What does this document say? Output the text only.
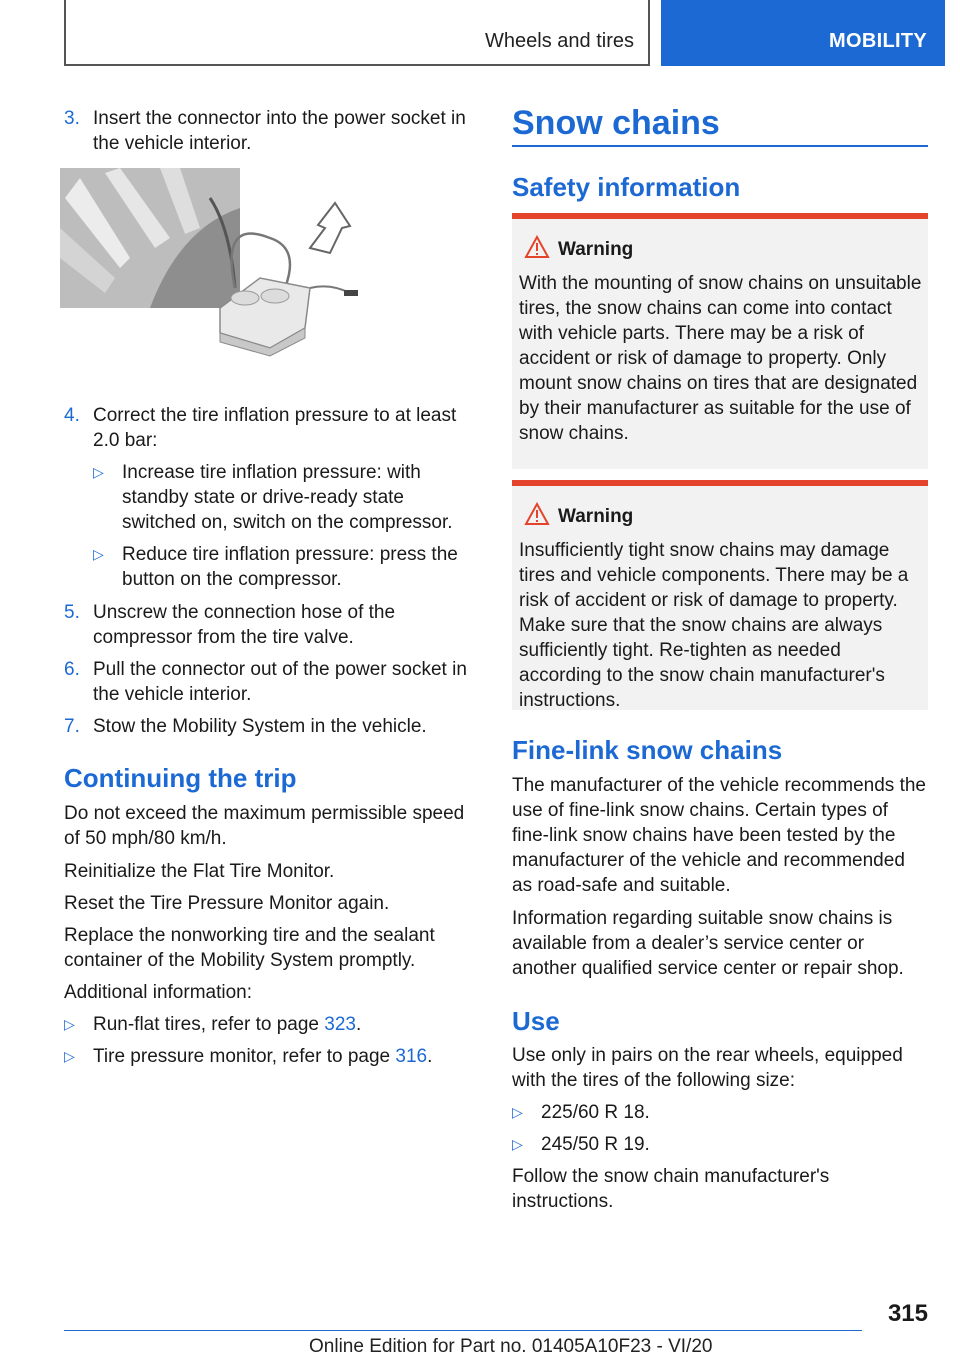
Wheels and tires	MOBILITY
3. Insert the connector into the power socket in the vehicle interior.
4. Correct the tire inflation pressure to at least 2.0 bar:
▷ Increase tire inflation pressure: with standby state or drive-ready state switched on, switch on the compressor.
▷ Reduce tire inflation pressure: press the button on the compressor.
5. Unscrew the connection hose of the compressor from the tire valve.
6. Pull the connector out of the power socket in the vehicle interior.
7. Stow the Mobility System in the vehicle.
Continuing the trip
Do not exceed the maximum permissible speed of 50 mph/80 km/h.
Reinitialize the Flat Tire Monitor.
Reset the Tire Pressure Monitor again.
Replace the nonworking tire and the sealant container of the Mobility System promptly.
Additional information:
▷ Run-flat tires, refer to page 323.
▷ Tire pressure monitor, refer to page 316.
Snow chains
Safety information
Warning
With the mounting of snow chains on unsuitable tires, the snow chains can come into contact with vehicle parts. There may be a risk of accident or risk of damage to property. Only mount snow chains on tires that are designated by their manufacturer as suitable for the use of snow chains.
Warning
Insufficiently tight snow chains may damage tires and vehicle components. There may be a risk of accident or risk of damage to property. Make sure that the snow chains are always sufficiently tight. Re-tighten as needed according to the snow chain manufacturer's instructions.
Fine-link snow chains
The manufacturer of the vehicle recommends the use of fine-link snow chains. Certain types of fine-link snow chains have been tested by the manufacturer of the vehicle and recommended as road-safe and suitable.
Information regarding suitable snow chains is available from a dealer’s service center or another qualified service center or repair shop.
Use
Use only in pairs on the rear wheels, equipped with the tires of the following size:
▷ 225/60 R 18.
▷ 245/50 R 19.
Follow the snow chain manufacturer's instructions.
315
Online Edition for Part no. 01405A10F23 - VI/20
